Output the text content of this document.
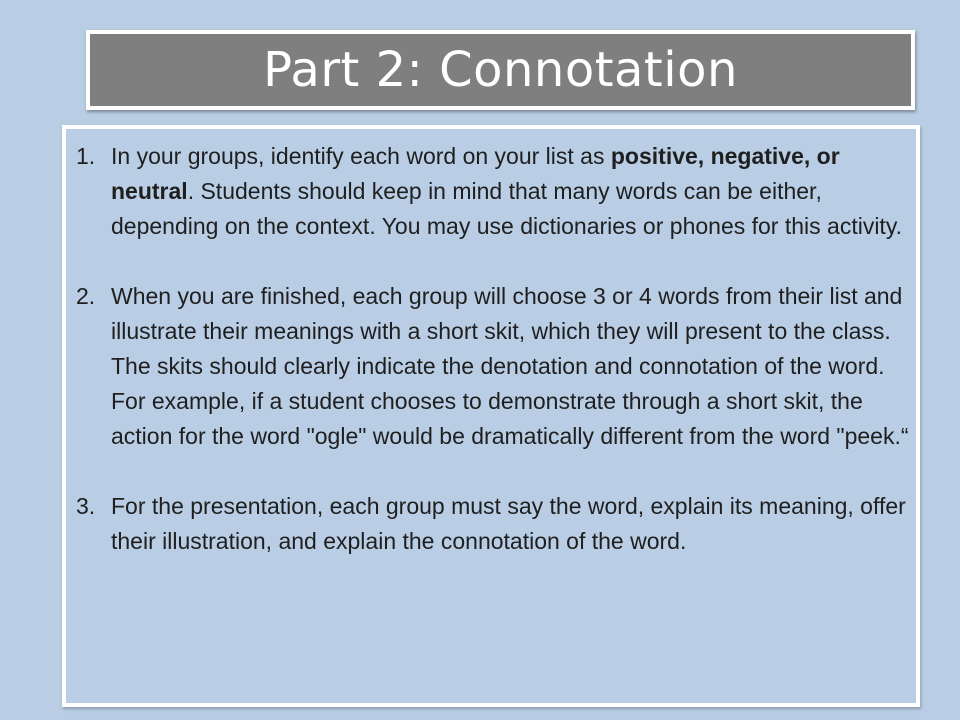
Part 2: Connotation
1. In your groups, identify each word on your list as positive, negative, or neutral. Students should keep in mind that many words can be either, depending on the context. You may use dictionaries or phones for this activity.
2. When you are finished, each group will choose 3 or 4 words from their list and illustrate their meanings with a short skit, which they will present to the class. The skits should clearly indicate the denotation and connotation of the word. For example, if a student chooses to demonstrate through a short skit, the action for the word "ogle" would be dramatically different from the word "peek.“
3. For the presentation, each group must say the word, explain its meaning, offer their illustration, and explain the connotation of the word.
